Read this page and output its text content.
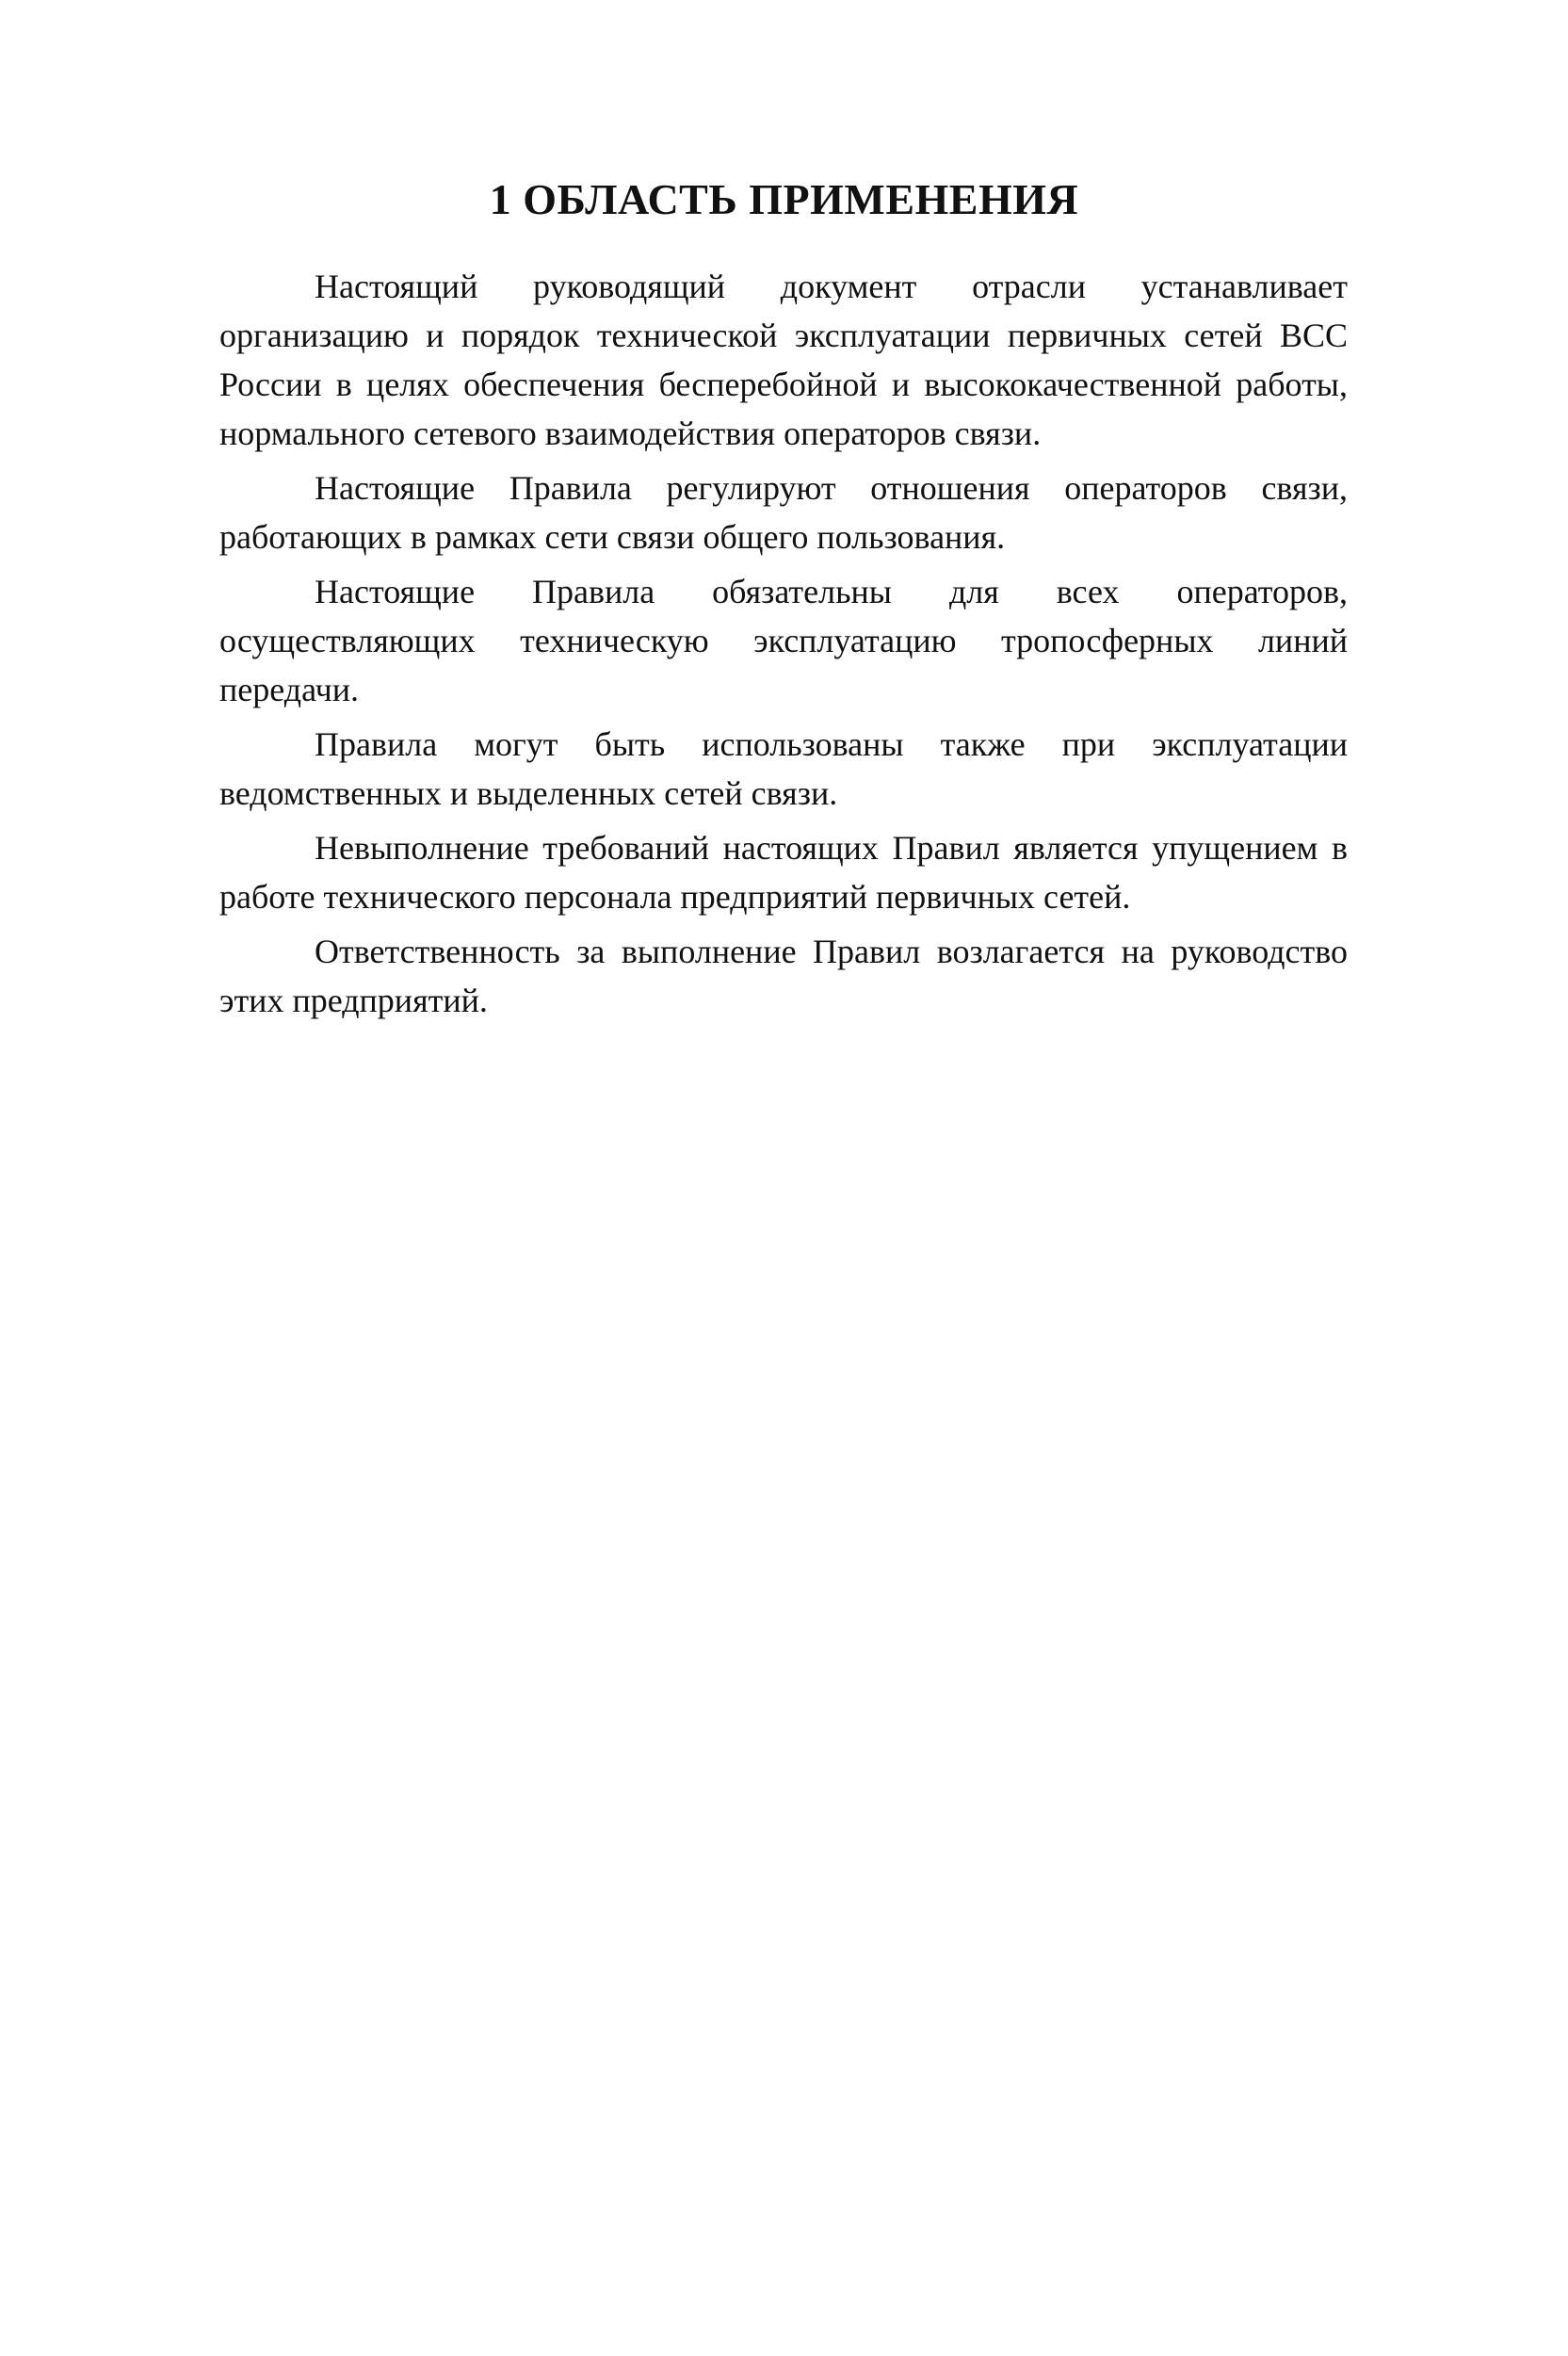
1 ОБЛАСТЬ ПРИМЕНЕНИЯ

Настоящий руководящий документ отрасли устанавливает организацию и порядок технической эксплуатации первичных сетей ВСС России в целях обеспечения бесперебойной и высококачественной работы, нормального сетевого взаимодействия операторов связи.

Настоящие Правила регулируют отношения операторов связи, работающих в рамках сети связи общего пользования.

Настоящие Правила обязательны для всех операторов, осуществляющих техническую эксплуатацию тропосферных линий передачи.

Правила могут быть использованы также при эксплуатации ведомственных и выделенных сетей связи.

Невыполнение требований настоящих Правил является упущением в работе технического персонала предприятий первичных сетей.

Ответственность за выполнение Правил возлагается на руководство этих предприятий.
